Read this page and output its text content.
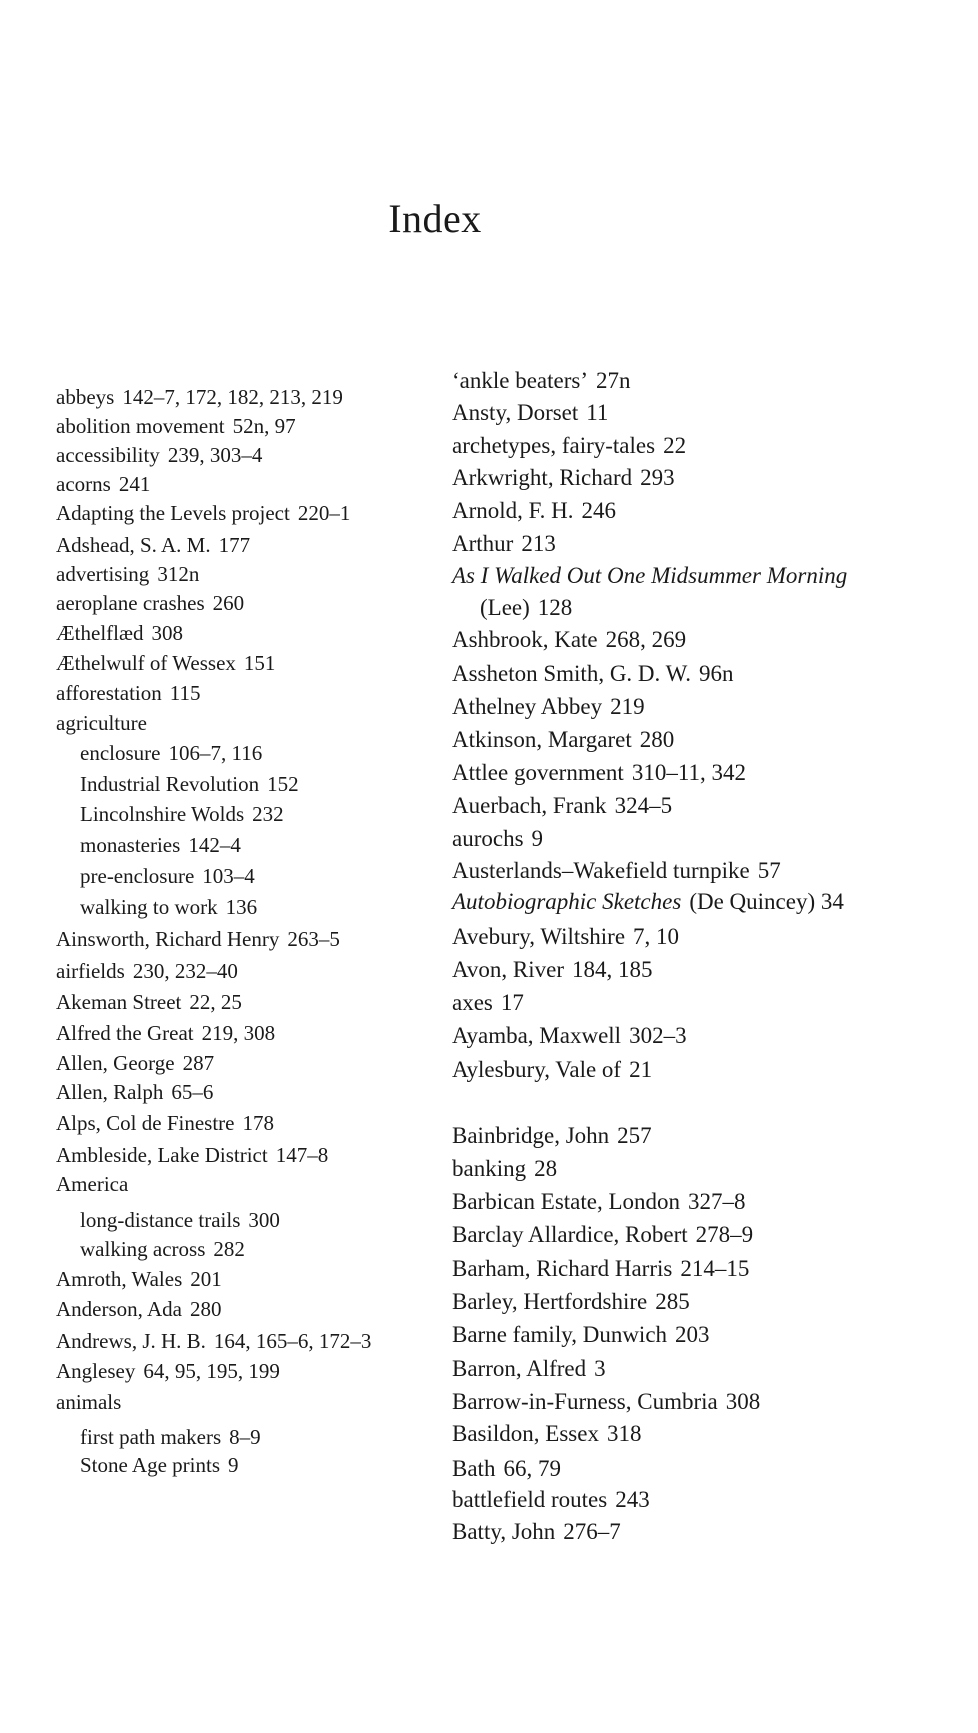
Index
abbeys 142–7, 172, 182, 213, 219
abolition movement 52n, 97
accessibility 239, 303–4
acorns 241
Adapting the Levels project 220–1
Adshead, S. A. M. 177
advertising 312n
aeroplane crashes 260
Æthelflæd 308
Æthelwulf of Wessex 151
afforestation 115
agriculture
enclosure 106–7, 116
Industrial Revolution 152
Lincolnshire Wolds 232
monasteries 142–4
pre-enclosure 103–4
walking to work 136
Ainsworth, Richard Henry 263–5
airfields 230, 232–40
Akeman Street 22, 25
Alfred the Great 219, 308
Allen, George 287
Allen, Ralph 65–6
Alps, Col de Finestre 178
Ambleside, Lake District 147–8
America
long-distance trails 300
walking across 282
Amroth, Wales 201
Anderson, Ada 280
Andrews, J. H. B. 164, 165–6, 172–3
Anglesey 64, 95, 195, 199
animals
first path makers 8–9
Stone Age prints 9
‘ankle beaters’ 27n
Ansty, Dorset 11
archetypes, fairy-tales 22
Arkwright, Richard 293
Arnold, F. H. 246
Arthur 213
As I Walked Out One Midsummer Morning
(Lee) 128
Ashbrook, Kate 268, 269
Assheton Smith, G. D. W. 96n
Athelney Abbey 219
Atkinson, Margaret 280
Attlee government 310–11, 342
Auerbach, Frank 324–5
aurochs 9
Austerlands–Wakefield turnpike 57
Autobiographic Sketches (De Quincey) 34
Avebury, Wiltshire 7, 10
Avon, River 184, 185
axes 17
Ayamba, Maxwell 302–3
Aylesbury, Vale of 21
Bainbridge, John 257
banking 28
Barbican Estate, London 327–8
Barclay Allardice, Robert 278–9
Barham, Richard Harris 214–15
Barley, Hertfordshire 285
Barne family, Dunwich 203
Barron, Alfred 3
Barrow-in-Furness, Cumbria 308
Basildon, Essex 318
Bath 66, 79
battlefield routes 243
Batty, John 276–7
